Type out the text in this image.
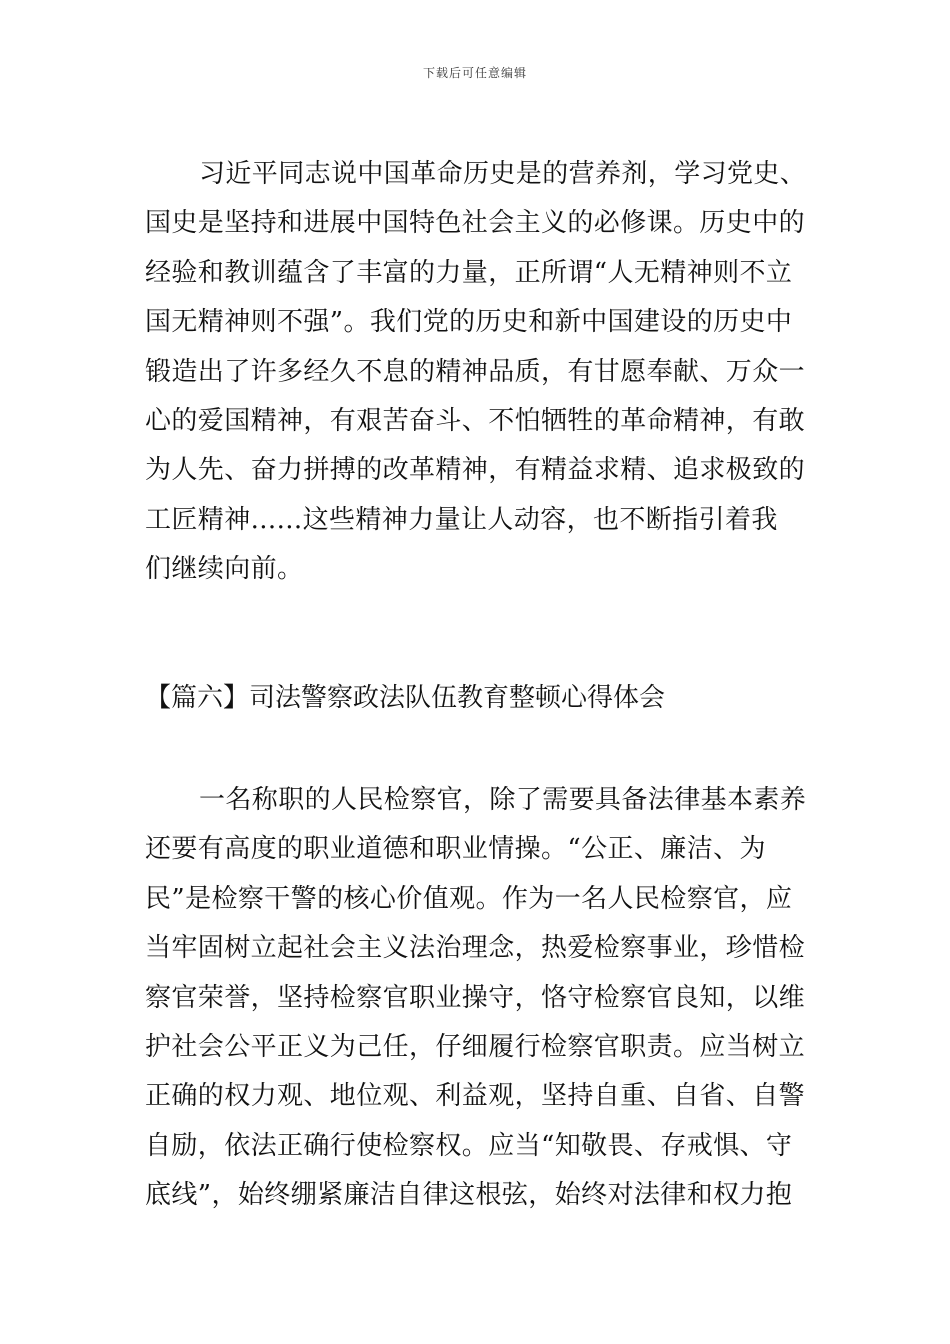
下载后可任意编辑
习近平同志说中国革命历史是的营养剂，学习党史、
国史是坚持和进展中国特色社会主义的必修课。历史中的
经验和教训蕴含了丰富的力量，正所谓“人无精神则不立
国无精神则不强”。我们党的历史和新中国建设的历史中
锻造出了许多经久不息的精神品质，有甘愿奉献、万众一
心的爱国精神，有艰苦奋斗、不怕牺牲的革命精神，有敢
为人先、奋力拼搏的改革精神，有精益求精、追求极致的
工匠精神......这些精神力量让人动容，也不断指引着我
们继续向前。
【篇六】司法警察政法队伍教育整顿心得体会
一名称职的人民检察官，除了需要具备法律基本素养
还要有高度的职业道德和职业情操。“公正、廉洁、为
民”是检察干警的核心价值观。作为一名人民检察官，应
当牢固树立起社会主义法治理念，热爱检察事业，珍惜检
察官荣誉，坚持检察官职业操守，恪守检察官良知，以维
护社会公平正义为己任，仔细履行检察官职责。应当树立
正确的权力观、地位观、利益观，坚持自重、自省、自警
自励，依法正确行使检察权。应当“知敬畏、存戒惧、守
底线”，始终绷紧廉洁自律这根弦，始终对法律和权力抱
